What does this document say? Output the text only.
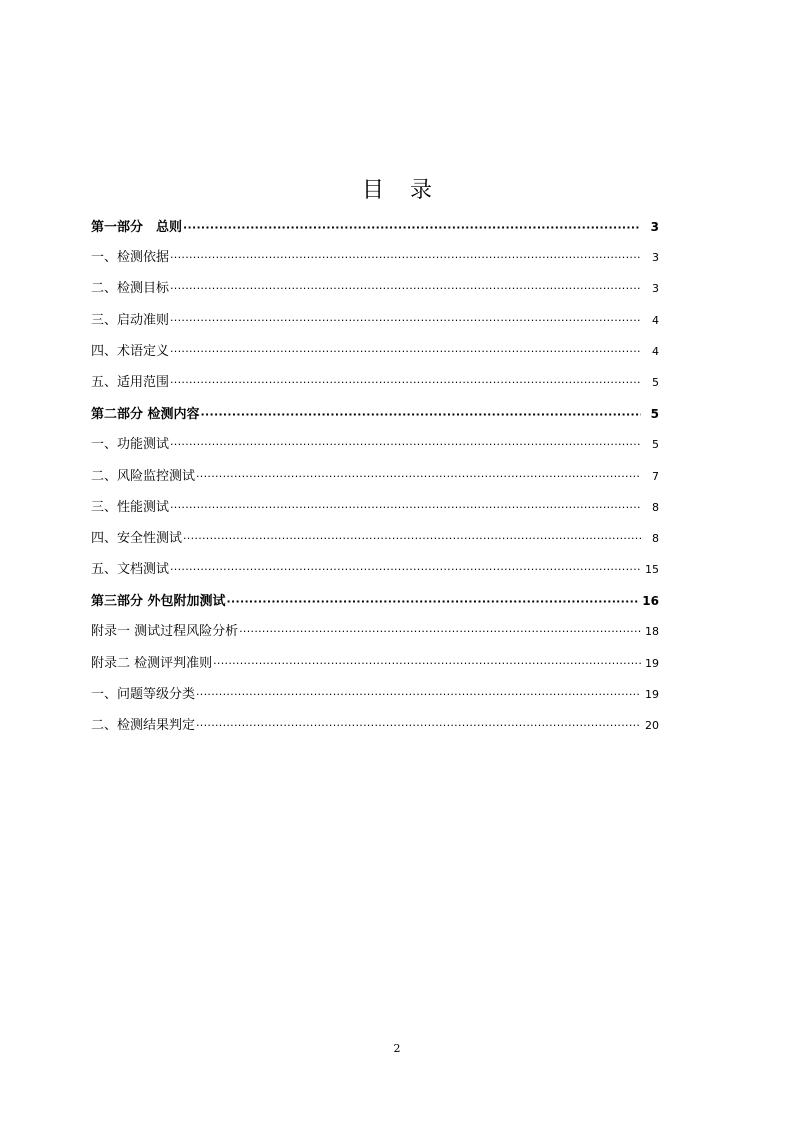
目录
第一部分　总则 ·····	3
一、检测依据 ·····	3
二、检测目标 ·····	3
三、启动准则 ·····	4
四、术语定义 ·····	4
五、适用范围 ·····	5
第二部分 检测内容 ·····	5
一、功能测试 ·····	5
二、风险监控测试 ·····	7
三、性能测试 ·····	8
四、安全性测试 ·····	8
五、文档测试 ·····	15
第三部分 外包附加测试 ·····	16
附录一 测试过程风险分析 ·····	18
附录二 检测评判准则 ·····	19
一、问题等级分类 ·····	19
二、检测结果判定 ·····	20
2
